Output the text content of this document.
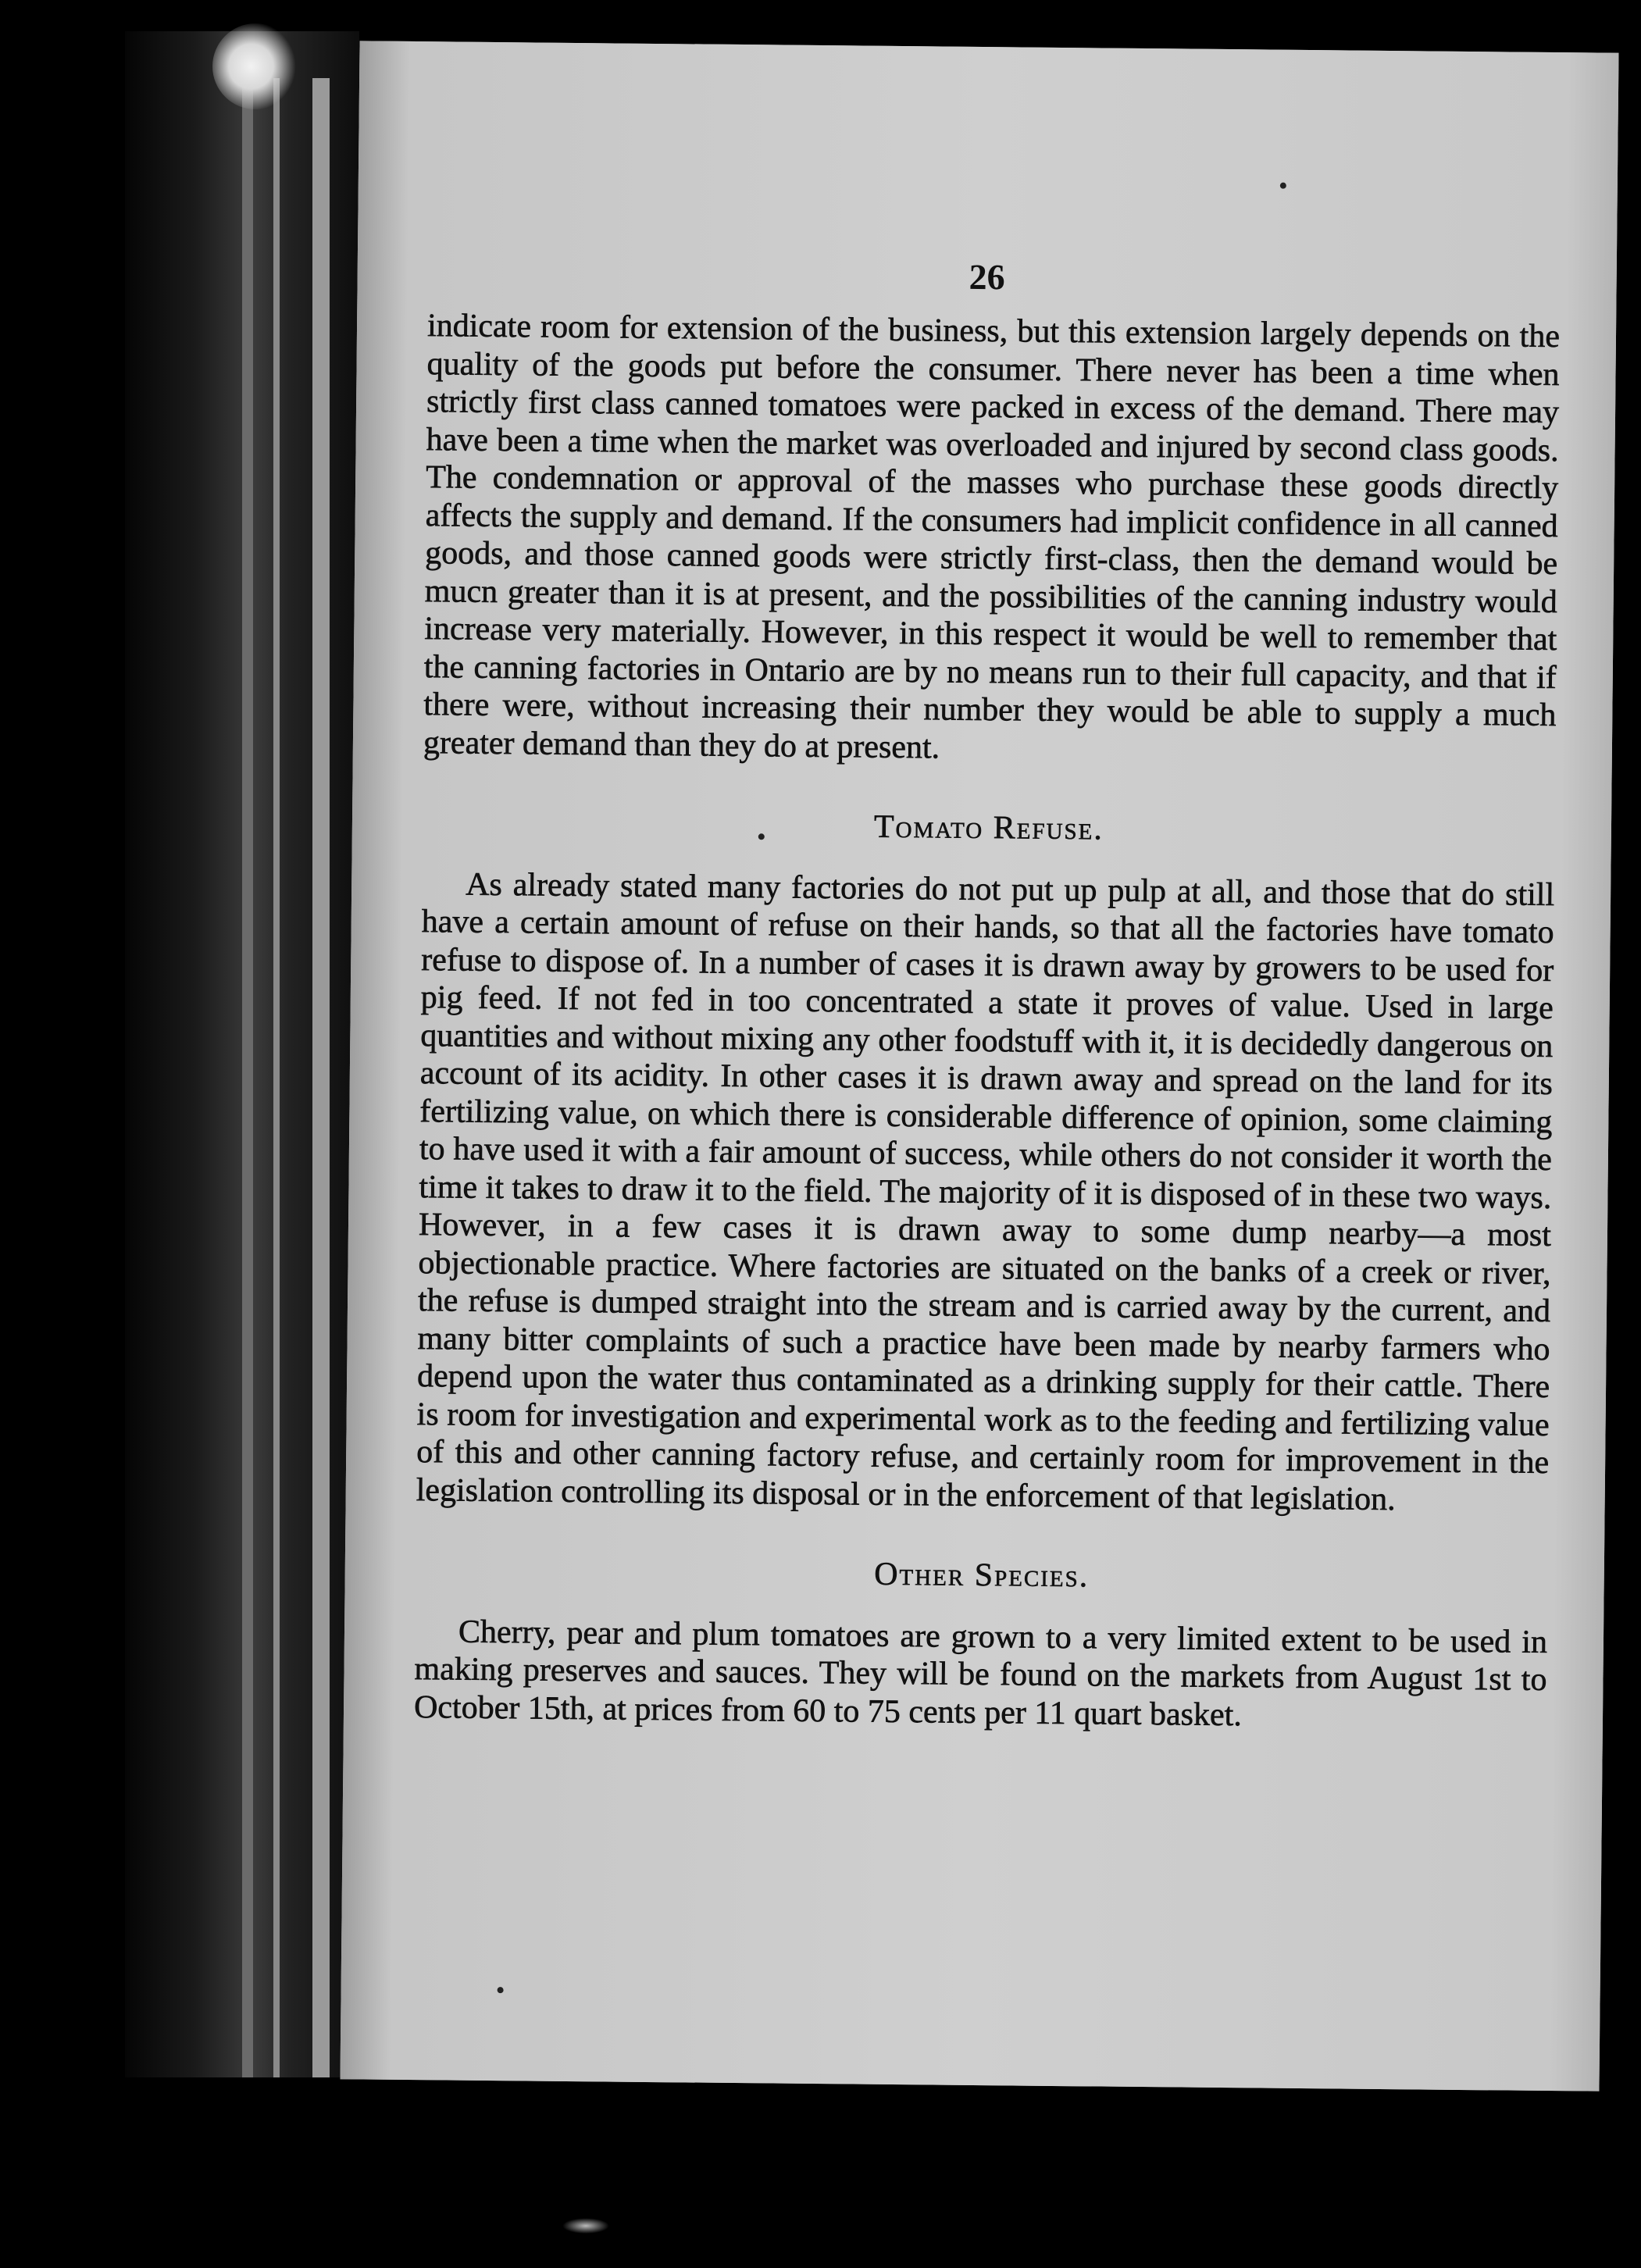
26

indicate room for extension of the business, but this extension largely depends on the quality of the goods put before the consumer. There never has been a time when strictly first class canned tomatoes were packed in excess of the demand. There may have been a time when the market was overloaded and injured by second class goods. The condemnation or approval of the masses who purchase these goods directly affects the supply and demand. If the consumers had implicit confidence in all canned goods, and those canned goods were strictly first-class, then the demand would be mucn greater than it is at present, and the possibilities of the canning industry would increase very materially. However, in this respect it would be well to remember that the canning factories in Ontario are by no means run to their full capacity, and that if there were, without increasing their number they would be able to supply a much greater demand than they do at present.

Tomato Refuse.

As already stated many factories do not put up pulp at all, and those that do still have a certain amount of refuse on their hands, so that all the factories have tomato refuse to dispose of. In a number of cases it is drawn away by growers to be used for pig feed. If not fed in too concentrated a state it proves of value. Used in large quantities and without mixing any other foodstuff with it, it is decidedly dangerous on account of its acidity. In other cases it is drawn away and spread on the land for its fertilizing value, on which there is considerable difference of opinion, some claiming to have used it with a fair amount of success, while others do not consider it worth the time it takes to draw it to the field. The majority of it is disposed of in these two ways. However, in a few cases it is drawn away to some dump nearby—a most objectionable practice. Where factories are situated on the banks of a creek or river, the refuse is dumped straight into the stream and is carried away by the current, and many bitter complaints of such a practice have been made by nearby farmers who depend upon the water thus contaminated as a drinking supply for their cattle. There is room for investigation and experimental work as to the feeding and fertilizing value of this and other canning factory refuse, and certainly room for improvement in the legislation controlling its disposal or in the enforcement of that legislation.

Other Species.

Cherry, pear and plum tomatoes are grown to a very limited extent to be used in making preserves and sauces. They will be found on the markets from August 1st to October 15th, at prices from 60 to 75 cents per 11 quart basket.
